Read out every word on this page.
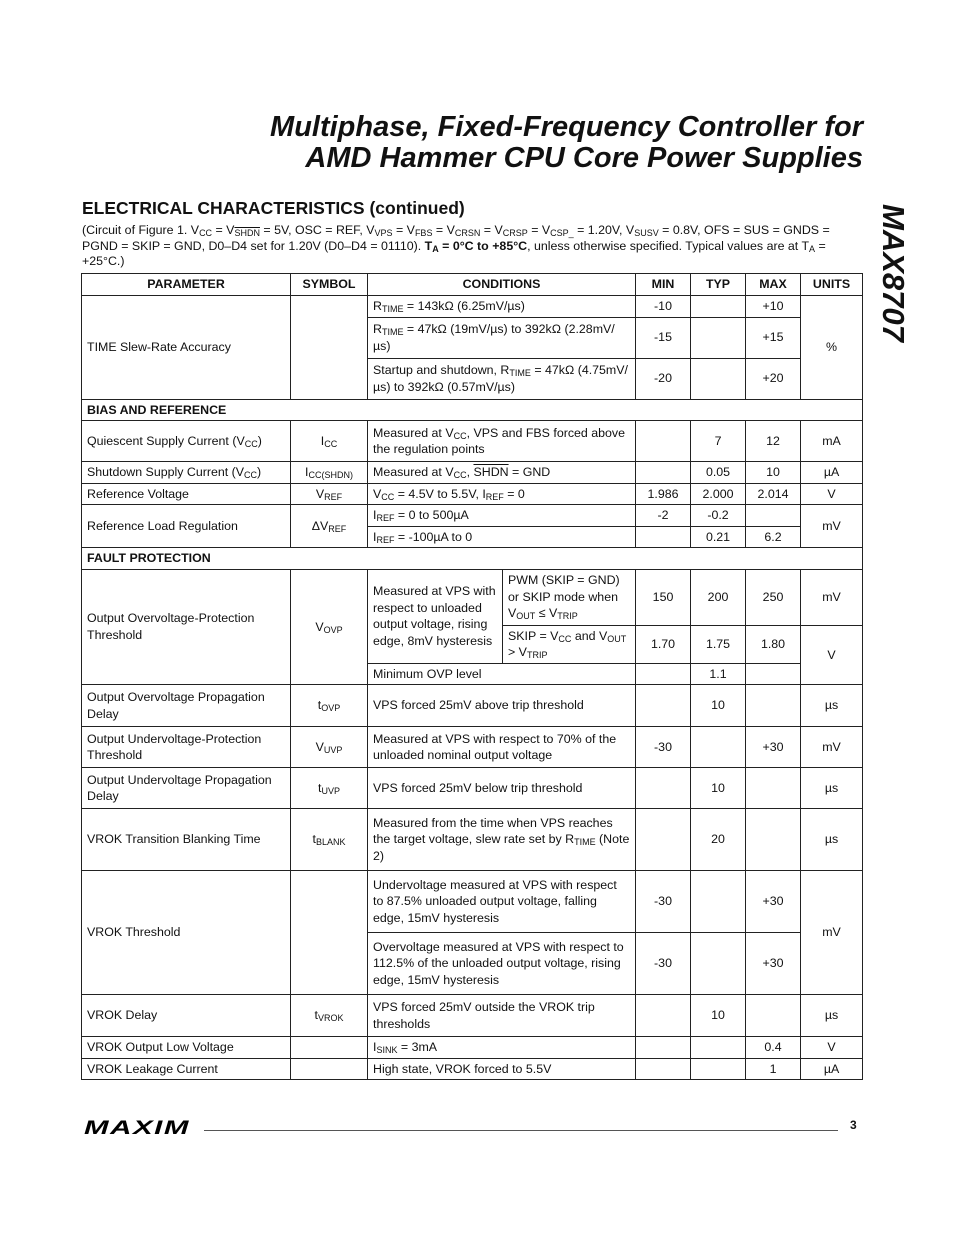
Multiphase, Fixed-Frequency Controller for
AMD Hammer CPU Core Power Supplies
MAX8707
ELECTRICAL CHARACTERISTICS (continued)
(Circuit of Figure 1. $V_{CC} = V_{SHDN} = 5V$, OSC = REF, $V_{VPS} = V_{FBS} = V_{CRSN} = V_{CRSP} = V_{CSP\_} = 1.20V$, $V_{SUSV} = 0.8V$, OFS = SUS = GNDS = PGND = SKIP = GND, D0–D4 set for 1.20V (D0–D4 = 01110). $T_A = 0^\circ C$ to +85°C, unless otherwise specified. Typical values are at $T_A = +25^\circ C$.)
PARAMETER	SYMBOL	CONDITIONS		MIN	TYP	MAX	UNITS
TIME Slew-Rate Accuracy		$R_{TIME} = 143k\Omega$ (6.25mV/µs)		-10		+10	%
		$R_{TIME} = 47k\Omega$ (19mV/µs) to 392kΩ (2.28mV/µs)		-15		+15	
		Startup and shutdown, $R_{TIME} = 47k\Omega$ (4.75mV/µs) to 392kΩ (0.57mV/µs)		-20		+20	
BIAS AND REFERENCE							
Quiescent Supply Current $(V_{CC})$	$I_{CC}$	Measured at $V_{CC}$, VPS and FBS forced above the regulation points			7	12	mA
Shutdown Supply Current $(V_{CC})$	$I_{CC(SHDN)}$	Measured at $V_{CC}$, SHDN = GND			0.05	10	µA
Reference Voltage	$V_{REF}$	$V_{CC} = 4.5V$ to 5.5V, $I_{REF} = 0$		1.986	2.000	2.014	V
Reference Load Regulation	$\Delta V_{REF}$	$I_{REF} = 0$ to 500µA		-2	-0.2		mV
		$I_{REF} = -100\mu A$ to 0			0.21	6.2	
FAULT PROTECTION							
Output Overvoltage-Protection Threshold	$V_{OVP}$	Measured at VPS with respect to unloaded output voltage, rising edge, 8mV hysteresis	PWM (SKIP = GND) or SKIP mode when $V_{OUT} \le V_{TRIP}$	150	200	250	mV
			SKIP = $V_{CC}$ and $V_{OUT} > V_{TRIP}$	1.70	1.75	1.80	V
		Minimum OVP level			1.1		
Output Overvoltage Propagation Delay	$t_{OVP}$	VPS forced 25mV above trip threshold			10		µs
Output Undervoltage-Protection Threshold	$V_{UVP}$	Measured at VPS with respect to 70% of the unloaded nominal output voltage		-30		+30	mV
Output Undervoltage Propagation Delay	$t_{UVP}$	VPS forced 25mV below trip threshold			10		µs
VROK Transition Blanking Time	$t_{BLANK}$	Measured from the time when VPS reaches the target voltage, slew rate set by $R_{TIME}$ (Note 2)			20		µs
VROK Threshold		Undervoltage measured at VPS with respect to 87.5% unloaded output voltage, falling edge, 15mV hysteresis		-30		+30	mV
		Overvoltage measured at VPS with respect to 112.5% of the unloaded output voltage, rising edge, 15mV hysteresis		-30		+30	
VROK Delay	$t_{VROK}$	VPS forced 25mV outside the VROK trip thresholds			10		µs
VROK Output Low Voltage		$I_{SINK} = 3mA$				0.4	V
VROK Leakage Current		High state, VROK forced to 5.5V				1	µA
MAXIM	3
